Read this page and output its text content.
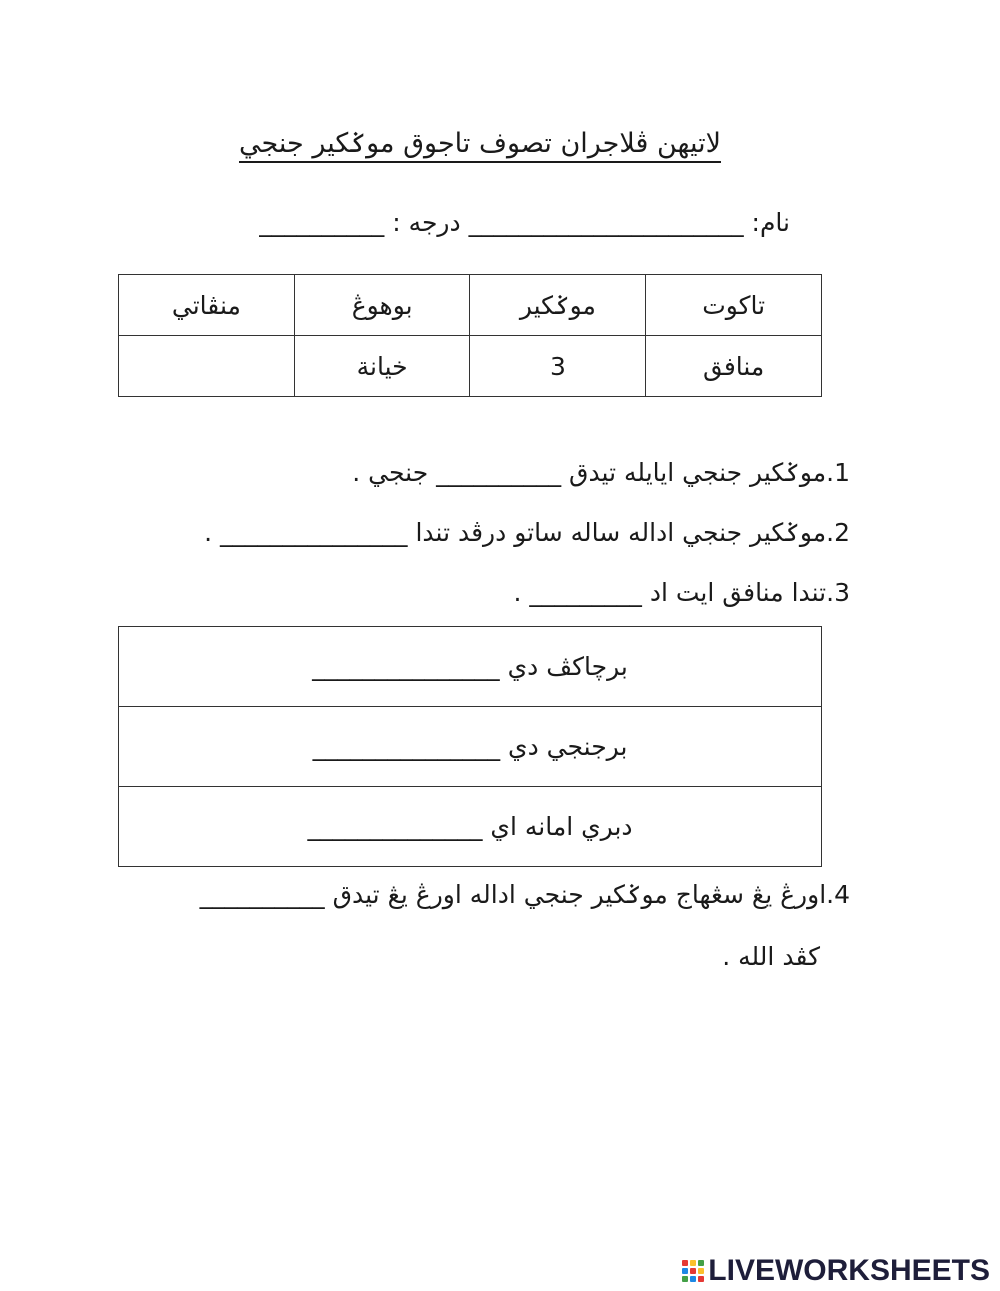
لاتيهن ڤلاجران تصوف تاجوق موݢكير جنجي
نام: ______________________ درجه : __________
تاكوت	موݢكير	بوهوڠ	منڤاتي
منافق	3	خيانة	
1.موݢكير جنجي ايايله تيدق __________ جنجي .
2.موݢكير جنجي اداله ساله ساتو درڤد تندا _______________ .
3.تندا منافق ايت اد _________ .
برچاكڤ دي _______________
برجنجي دي _______________
دبري امانه اي ______________
4.اورڠ يڠ سڠهاج موݢكير جنجي اداله اورڠ يڠ تيدق __________
كڤد الله .
LIVEWORKSHEETS
